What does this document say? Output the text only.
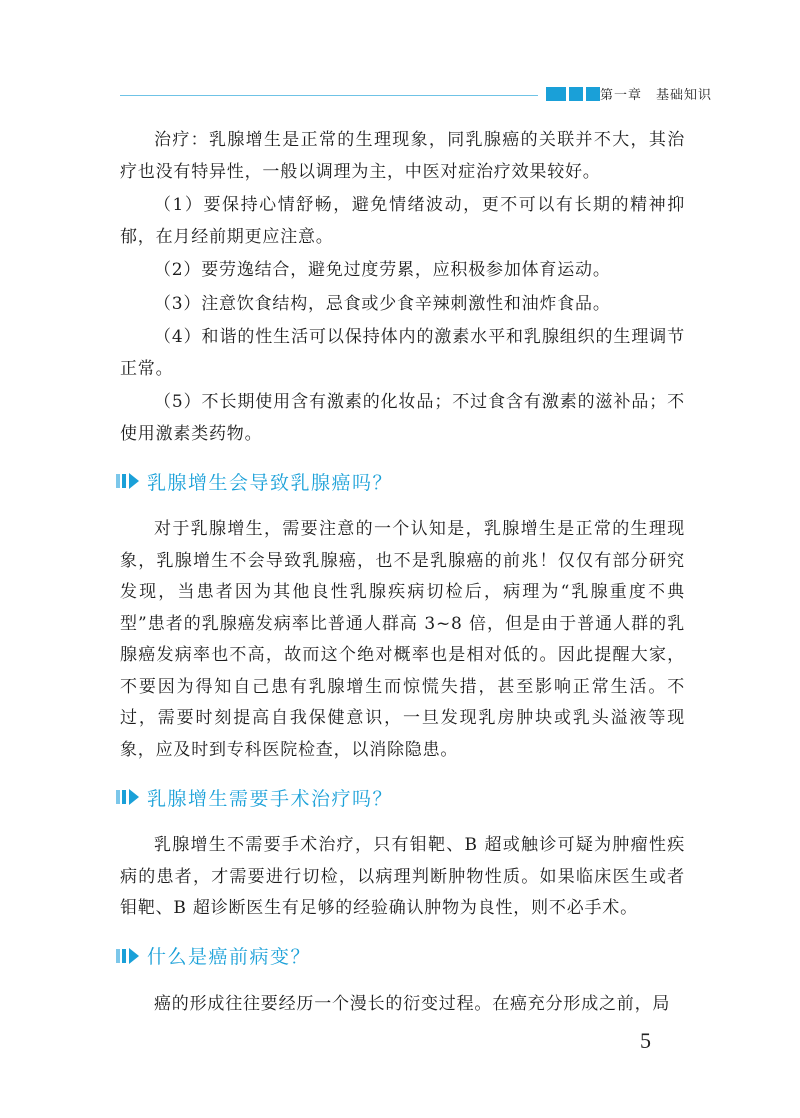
第一章　基础知识

治疗：乳腺增生是正常的生理现象，同乳腺癌的关联并不大，其治疗也没有特异性，一般以调理为主，中医对症治疗效果较好。

（1）要保持心情舒畅，避免情绪波动，更不可以有长期的精神抑郁，在月经前期更应注意。

（2）要劳逸结合，避免过度劳累，应积极参加体育运动。

（3）注意饮食结构，忌食或少食辛辣刺激性和油炸食品。

（4）和谐的性生活可以保持体内的激素水平和乳腺组织的生理调节正常。

（5）不长期使用含有激素的化妆品；不过食含有激素的滋补品；不使用激素类药物。

乳腺增生会导致乳腺癌吗？

对于乳腺增生，需要注意的一个认知是，乳腺增生是正常的生理现象，乳腺增生不会导致乳腺癌，也不是乳腺癌的前兆！仅仅有部分研究发现，当患者因为其他良性乳腺疾病切检后，病理为“乳腺重度不典型”患者的乳腺癌发病率比普通人群高 3~8 倍，但是由于普通人群的乳腺癌发病率也不高，故而这个绝对概率也是相对低的。因此提醒大家，不要因为得知自己患有乳腺增生而惊慌失措，甚至影响正常生活。不过，需要时刻提高自我保健意识，一旦发现乳房肿块或乳头溢液等现象，应及时到专科医院检查，以消除隐患。

乳腺增生需要手术治疗吗？

乳腺增生不需要手术治疗，只有钼靶、B 超或触诊可疑为肿瘤性疾病的患者，才需要进行切检，以病理判断肿物性质。如果临床医生或者钼靶、B 超诊断医生有足够的经验确认肿物为良性，则不必手术。

什么是癌前病变？

癌的形成往往要经历一个漫长的衍变过程。在癌充分形成之前，局

5
